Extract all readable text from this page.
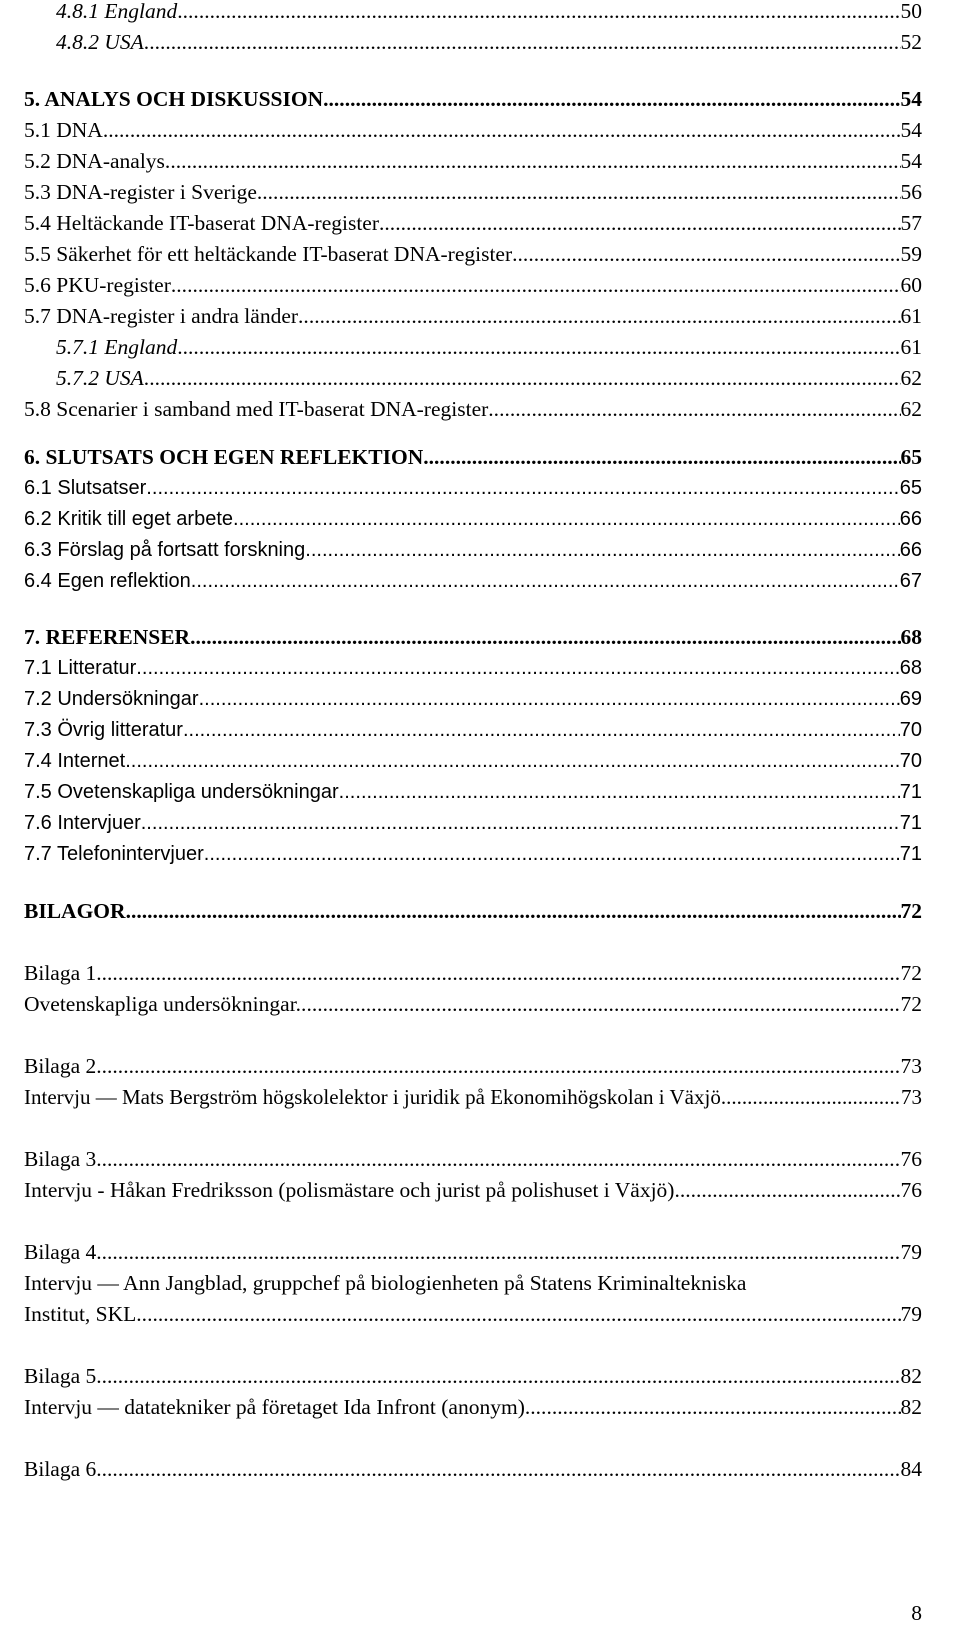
4.8.1 England .....	50
4.8.2 USA .....	52
5. ANALYS OCH DISKUSSION .....	54
5.1 DNA .....	54
5.2 DNA-analys .....	54
5.3 DNA-register i Sverige .....	56
5.4 Heltäckande IT-baserat DNA-register .....	57
5.5 Säkerhet för ett heltäckande IT-baserat DNA-register .....	59
5.6 PKU-register .....	60
5.7 DNA-register i andra länder .....	61
5.7.1 England .....	61
5.7.2 USA .....	62
5.8 Scenarier i samband med IT-baserat DNA-register .....	62
6. SLUTSATS OCH EGEN REFLEKTION .....	65
6.1 Slutsatser .....	65
6.2 Kritik till eget arbete .....	66
6.3 Förslag på fortsatt forskning .....	66
6.4 Egen reflektion .....	67
7. REFERENSER .....	68
7.1 Litteratur .....	68
7.2 Undersökningar .....	69
7.3 Övrig litteratur .....	70
7.4 Internet .....	70
7.5 Ovetenskapliga undersökningar .....	71
7.6 Intervjuer .....	71
7.7 Telefonintervjuer .....	71
BILAGOR .....	72
Bilaga 1 .....	72
Ovetenskapliga undersökningar. .....	72
Bilaga 2. .....	73
Intervju — Mats Bergström högskolelektor i juridik på Ekonomihögskolan i Växjö. .....	73
Bilaga 3. .....	76
Intervju - Håkan Fredriksson (polismästare och jurist på polishuset i Växjö) .....	76
Bilaga 4. .....	79
Intervju — Ann Jangblad, gruppchef på biologienheten på Statens Kriminaltekniska
Institut, SKL. .....	79
Bilaga 5. .....	82
Intervju — datatekniker på företaget Ida Infront (anonym) .....	82
Bilaga 6 .....	84
8
